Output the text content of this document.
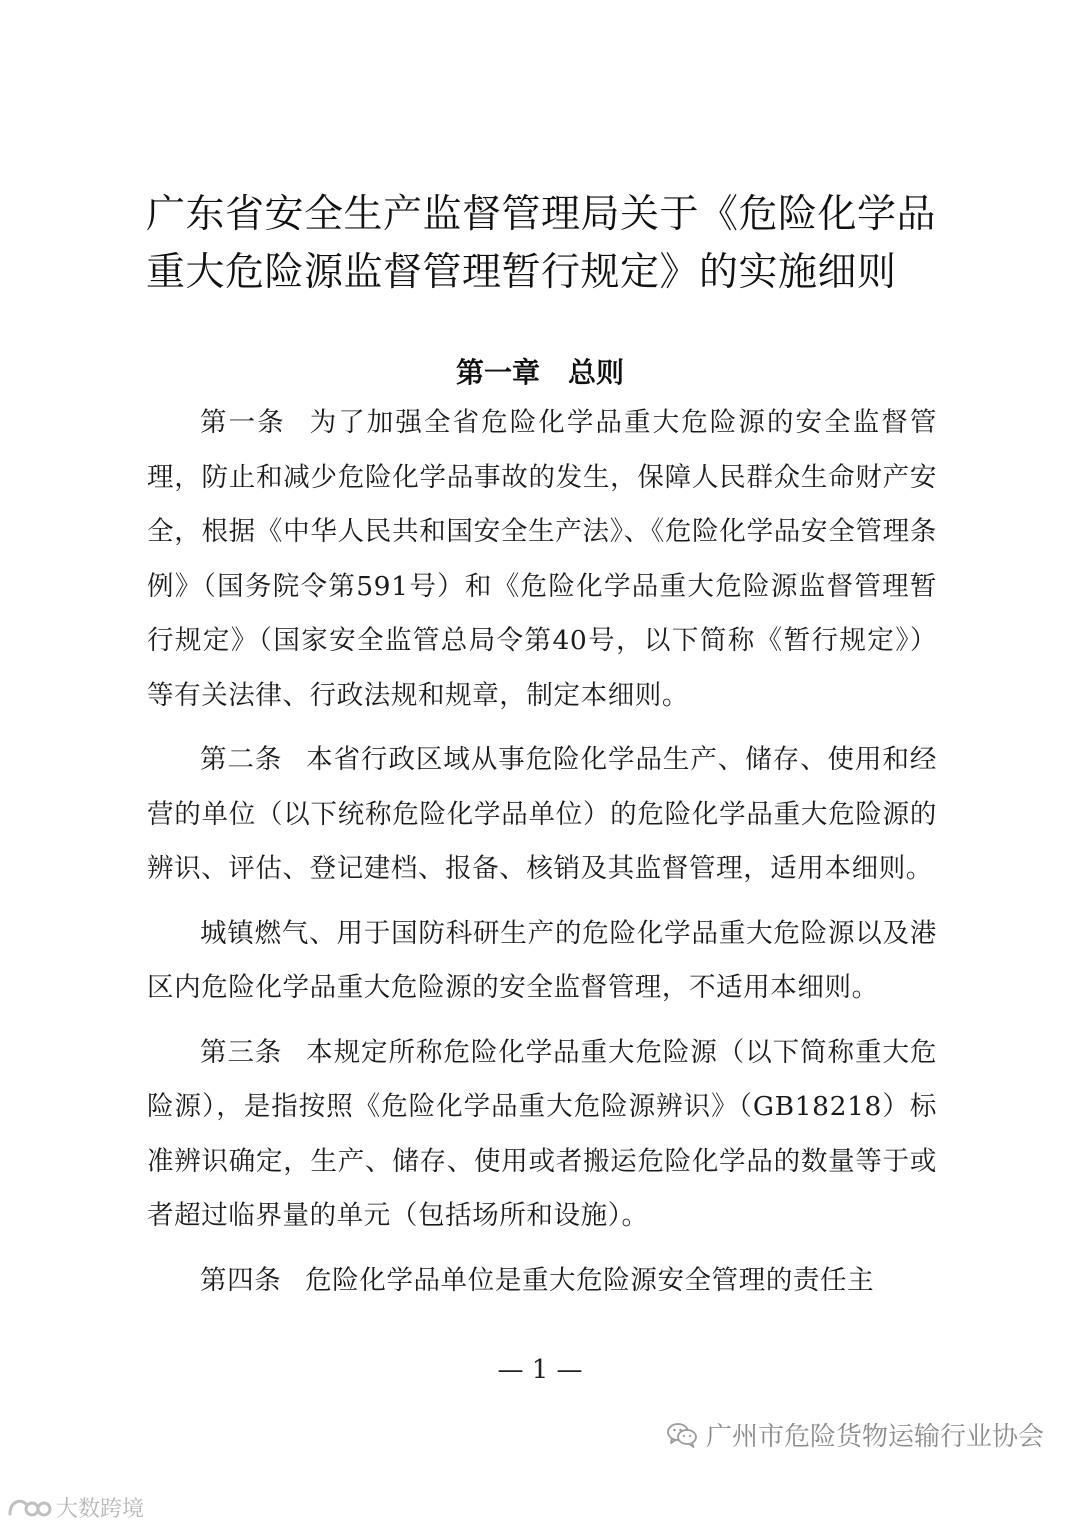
广东省安全生产监督管理局关于《危险化学品
重大危险源监督管理暂行规定》的实施细则
第一章　总则

第一条 为了加强全省危险化学品重大危险源的安全监督管理，防止和减少危险化学品事故的发生，保障人民群众生命财产安全，根据《中华人民共和国安全生产法》、《危险化学品安全管理条例》（国务院令第591号）和《危险化学品重大危险源监督管理暂行规定》（国家安全监管总局令第40号，以下简称《暂行规定》）等有关法律、行政法规和规章，制定本细则。

第二条 本省行政区域从事危险化学品生产、储存、使用和经营的单位（以下统称危险化学品单位）的危险化学品重大危险源的辨识、评估、登记建档、报备、核销及其监督管理，适用本细则。

城镇燃气、用于国防科研生产的危险化学品重大危险源以及港区内危险化学品重大危险源的安全监督管理，不适用本细则。

第三条 本规定所称危险化学品重大危险源（以下简称重大危险源），是指按照《危险化学品重大危险源辨识》（GB18218）标准辨识确定，生产、储存、使用或者搬运危险化学品的数量等于或者超过临界量的单元（包括场所和设施）。

第四条 危险化学品单位是重大危险源安全管理的责任主

— 1 —
广州市危险货物运输行业协会
大数跨境
